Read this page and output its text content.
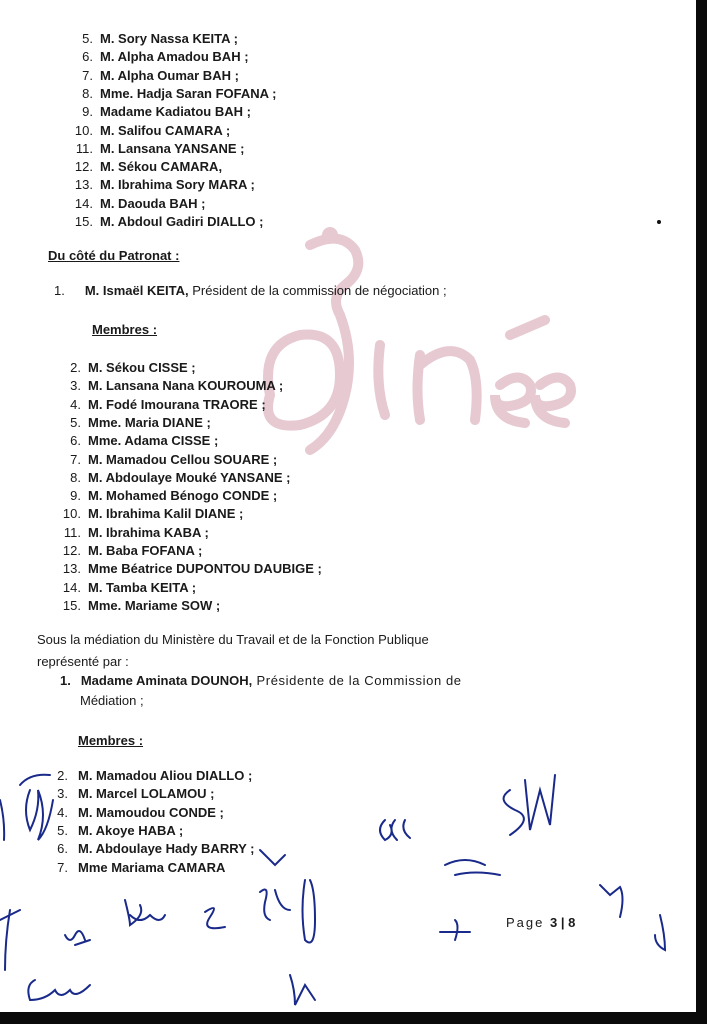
5. M. Sory Nassa KEITA ;
6. M. Alpha Amadou BAH ;
7. M. Alpha Oumar BAH ;
8. Mme. Hadja Saran FOFANA ;
9. Madame Kadiatou BAH ;
10. M. Salifou CAMARA ;
11. M. Lansana YANSANE ;
12. M. Sékou CAMARA,
13. M. Ibrahima Sory MARA ;
14. M. Daouda BAH ;
15. M. Abdoul Gadiri DIALLO ;
Du côté du Patronat :
1. M. Ismaël KEITA, Président de la commission de négociation ;
Membres :
2. M. Sékou CISSE ;
3. M. Lansana Nana KOUROUMA ;
4. M. Fodé Imourana TRAORE ;
5. Mme. Maria DIANE ;
6. Mme. Adama CISSE ;
7. M. Mamadou Cellou SOUARE ;
8. M. Abdoulaye Mouké YANSANE ;
9. M. Mohamed Bénogo CONDE ;
10. M. Ibrahima Kalil DIANE ;
11. M. Ibrahima KABA ;
12. M. Baba FOFANA ;
13. Mme Béatrice DUPONTOU DAUBIGE ;
14. M. Tamba KEITA ;
15. Mme. Mariame SOW ;
Sous la médiation du Ministère du Travail et de la Fonction Publique
représenté par :
1. Madame Aminata DOUNOH, Présidente de la Commission de
Médiation ;
Membres :
2. M. Mamadou Aliou DIALLO ;
3. M. Marcel LOLAMOU ;
4. M. Mamoudou CONDE ;
5. M. Akoye HABA ;
6. M. Abdoulaye Hady BARRY ;
7. Mme Mariama CAMARA
Page 3 | 8
